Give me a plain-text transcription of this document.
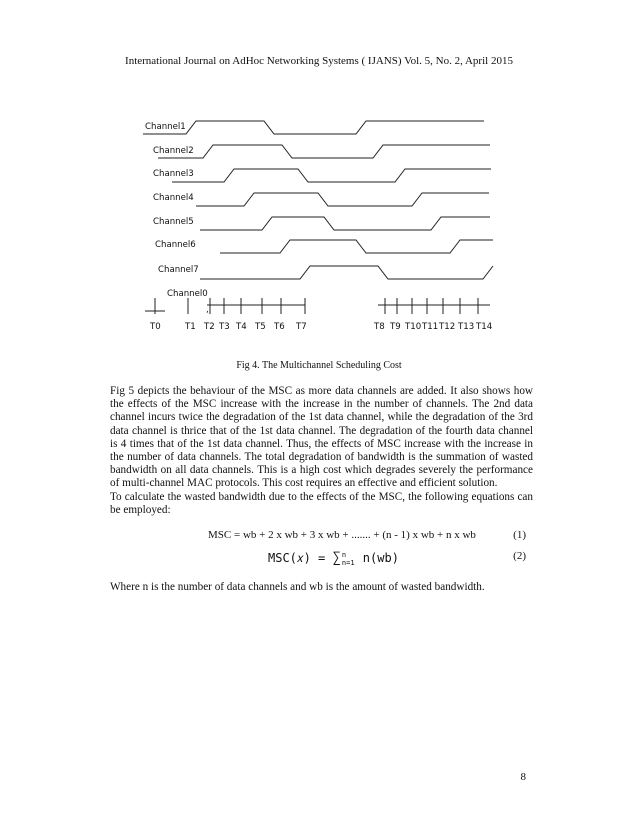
International Journal on AdHoc Networking Systems ( IJANS) Vol. 5, No. 2, April 2015
Channel1
Channel2
Channel3
Channel4
Channel5
Channel6
Channel7
Channel0
,
T0	T1 T2 T3 T4 T5 T6 T7	T8 T9 T10 T11 T12 T13 T14
Fig 4. The Multichannel Scheduling Cost

Fig 5 depicts the behaviour of the MSC as more data channels are added. It also shows how the effects of the MSC increase with the increase in the number of channels. The 2nd data channel incurs twice the degradation of the 1st data channel, while the degradation of the 3rd data channel is thrice that of the 1st data channel. The degradation of the fourth data channel is 4 times that of the 1st data channel. Thus, the effects of MSC increase with the increase in the number of data channels. The total degradation of bandwidth is the summation of wasted bandwidth on all data channels. This is a high cost which degrades severely the performance of multi-channel MAC protocols. This cost requires an effective and efficient solution.

To calculate the wasted bandwidth due to the effects of the MSC, the following equations can be employed:

MSC = wb + 2 x wb + 3 x wb + ....... + (n - 1) x wb + n x wb	(1)
MSC(𝑥) = ∑ n
n=1 n(wb)	(2)

Where n is the number of data channels and wb is the amount of wasted bandwidth.

8
